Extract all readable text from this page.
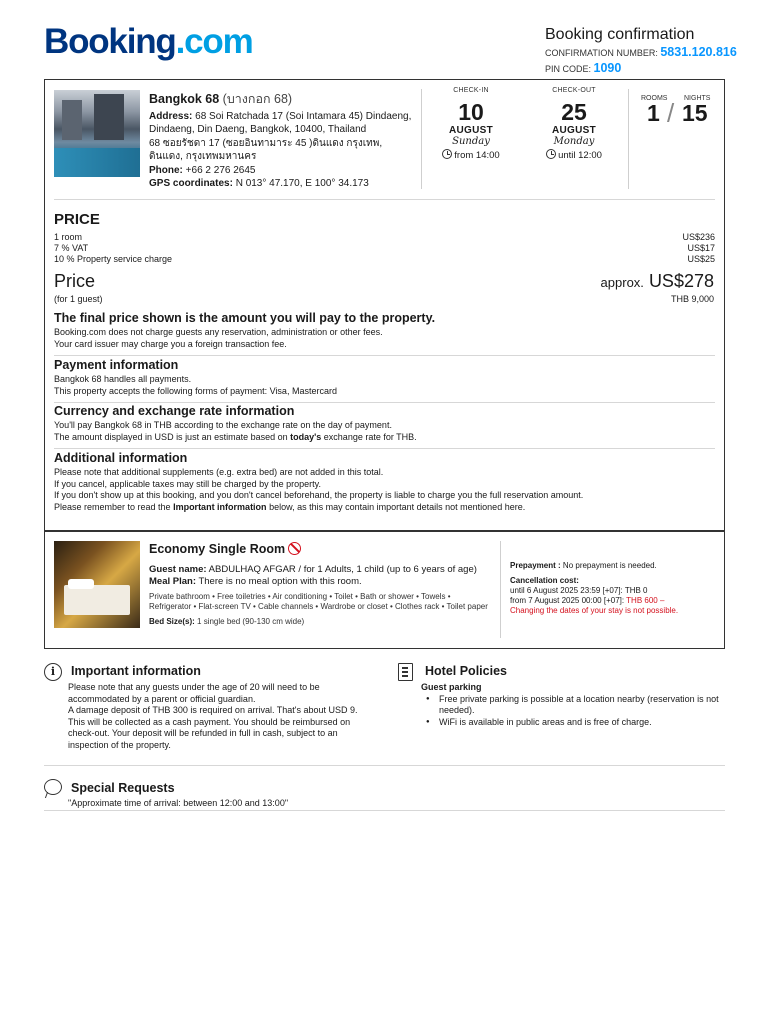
Booking.com	Booking confirmation
CONFIRMATION NUMBER: 5831.120.816
PIN CODE: 1090
Bangkok 68 (บางกอก 68)
Address: 68 Soi Ratchada 17 (Soi Intamara 45) Dindaeng, Dindaeng, Din Daeng, Bangkok, 10400, Thailand
68 ซอยรัชดา 17 (ซอยอินทามาระ 45 )ดินแดง กรุงเทพ, ดินแดง, กรุงเทพมหานคร
Phone: +66 2 276 2645
GPS coordinates: N 013° 47.170, E 100° 34.173
CHECK-IN
10
AUGUST
Sunday
from 14:00
CHECK-OUT
25
AUGUST
Monday
until 12:00
ROOMS NIGHTS
1 / 15
PRICE
1 room	US$236
7 % VAT	US$17
10 % Property service charge	US$25
Price	approx. US$278
(for 1 guest)	THB 9,000
The final price shown is the amount you will pay to the property.
Booking.com does not charge guests any reservation, administration or other fees.
Your card issuer may charge you a foreign transaction fee.
Payment information
Bangkok 68 handles all payments.
This property accepts the following forms of payment: Visa, Mastercard
Currency and exchange rate information
You'll pay Bangkok 68 in THB according to the exchange rate on the day of payment.
The amount displayed in USD is just an estimate based on today's exchange rate for THB.
Additional information
Please note that additional supplements (e.g. extra bed) are not added in this total.
If you cancel, applicable taxes may still be charged by the property.
If you don't show up at this booking, and you don't cancel beforehand, the property is liable to charge you the full reservation amount.
Please remember to read the Important information below, as this may contain important details not mentioned here.
Economy Single Room
Guest name: ABDULHAQ AFGAR / for 1 Adults, 1 child (up to 6 years of age)
Meal Plan: There is no meal option with this room.
Private bathroom • Free toiletries • Air conditioning • Toilet • Bath or shower • Towels • Refrigerator • Flat-screen TV • Cable channels • Wardrobe or closet • Clothes rack • Toilet paper
Bed Size(s): 1 single bed (90-130 cm wide)
Prepayment : No prepayment is needed.
Cancellation cost:
until 6 August 2025 23:59 [+07]: THB 0
from 7 August 2025 00:00 [+07]: THB 600 –
Changing the dates of your stay is not possible.
i	Important information
Please note that any guests under the age of 20 will need to be accommodated by a parent or official guardian.
A damage deposit of THB 300 is required on arrival. That's about USD 9. This will be collected as a cash payment. You should be reimbursed on check-out. Your deposit will be refunded in full in cash, subject to an inspection of the property.
Hotel Policies
Guest parking
● Free private parking is possible at a location nearby (reservation is not needed).
● WiFi is available in public areas and is free of charge.
Special Requests
"Approximate time of arrival: between 12:00 and 13:00"
